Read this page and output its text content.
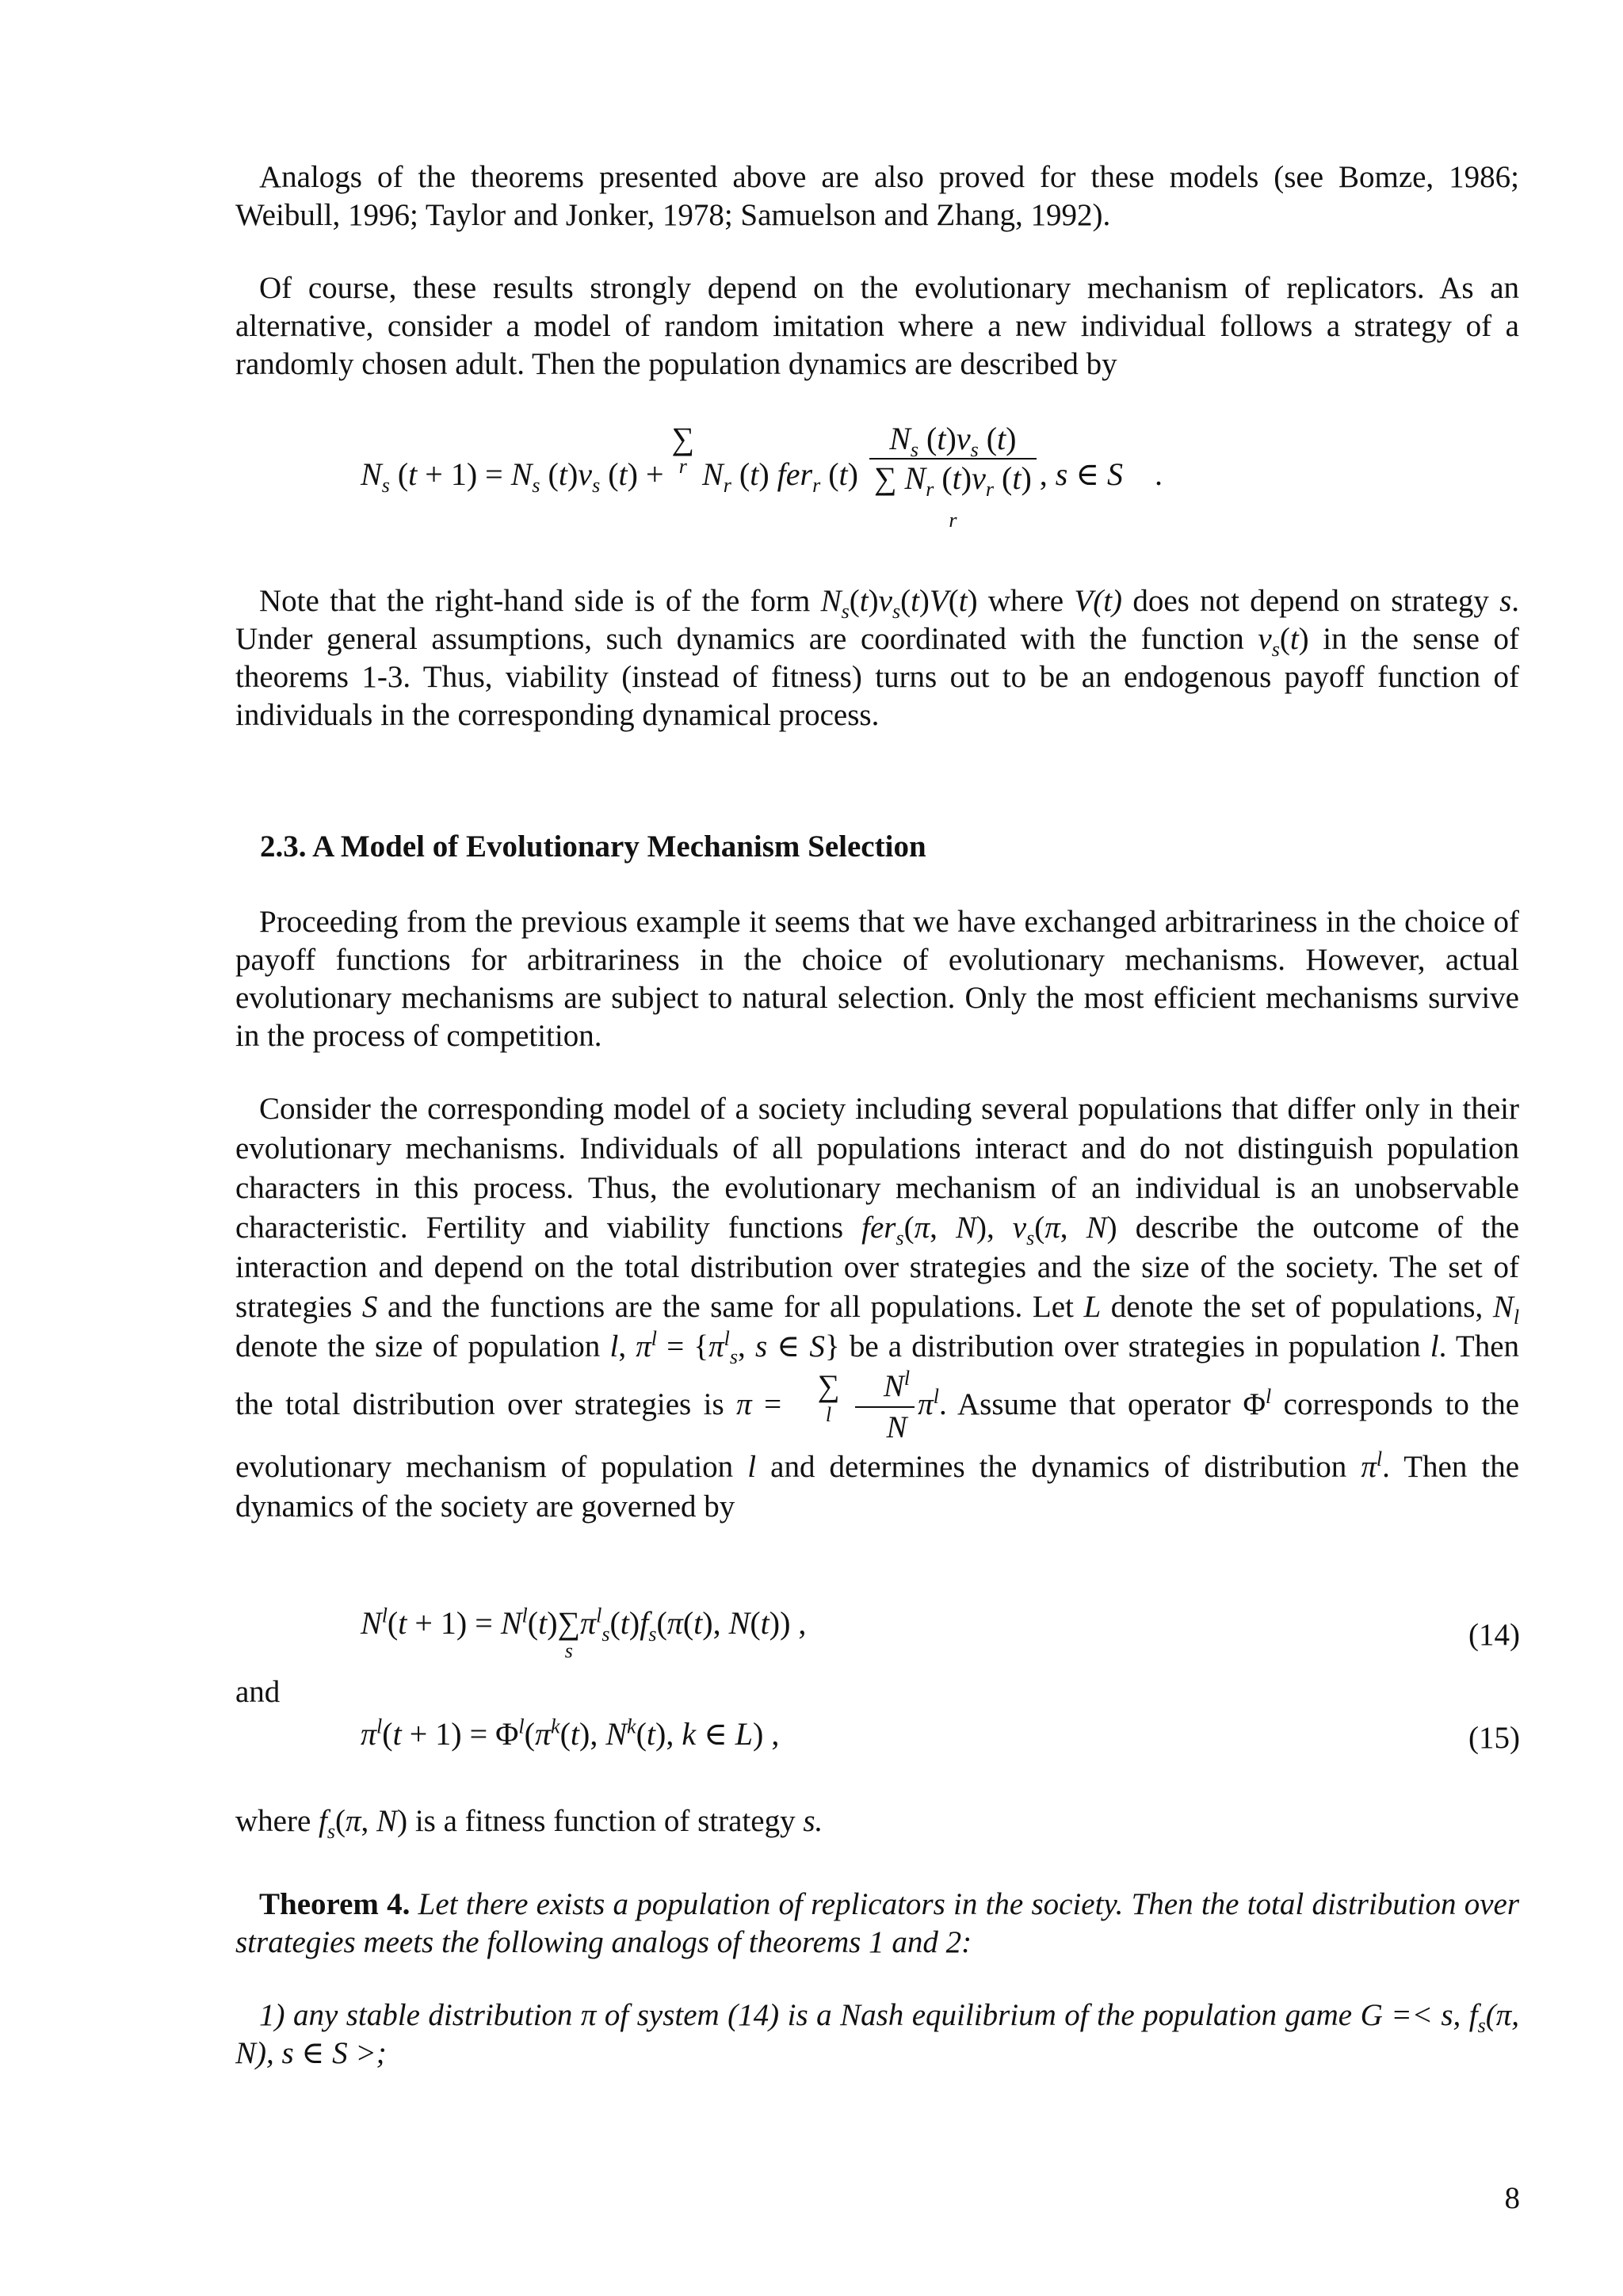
Analogs of the theorems presented above are also proved for these models (see Bomze, 1986; Weibull, 1996; Taylor and Jonker, 1978; Samuelson and Zhang, 1992).
Of course, these results strongly depend on the evolutionary mechanism of replicators. As an alternative, consider a model of random imitation where a new individual follows a strategy of a randomly chosen adult. Then the population dynamics are described by
$N_s$ $(t + 1) = N_s$ $(t)v_s$ (t) +
∑
r $N_r$ (t) fer$_r$ (t)
$N_s$ $(t)v_s$ (t)
∑ $N_r$ $(t)v_r$ (t)
r
, s ∈ S    .
Note that the right-hand side is of the form $N_s(t)v_s(t)V(t)$ where V(t) does not depend on strategy s. Under general assumptions, such dynamics are coordinated with the function $v_s(t)$ in the sense of theorems 1-3. Thus, viability (instead of fitness) turns out to be an endogenous payoff function of individuals in the corresponding dynamical process.
2.3. A Model of Evolutionary Mechanism Selection
Proceeding from the previous example it seems that we have exchanged arbitrariness in the choice of payoff functions for arbitrariness in the choice of evolutionary mechanisms. However, actual evolutionary mechanisms are subject to natural selection. Only the most efficient mechanisms survive in the process of competition.
Consider the corresponding model of a society including several populations that differ only in their evolutionary mechanisms. Individuals of all populations interact and do not distinguish population characters in this process. Thus, the evolutionary mechanism of an individual is an unobservable characteristic. Fertility and viability functions fer$_s$(π, N), $v_s(\pi$, N) describe the outcome of the interaction and depend on the total distribution over strategies and the size of the society. The set of strategies S and the functions are the same for all populations. Let L denote the set of populations, $N_l$ denote the size of population l, $\pi^l = \{\pi^l_s$, s ∈ S} be a distribution over strategies in population l. Then the total distribution over strategies is π =
∑
l
$\frac{N^l}{N} \pi^l$. Assume that operator $\Phi^l$ corresponds to the evolutionary mechanism of population l and determines the dynamics of distribution $\pi^l$. Then the dynamics of the society are governed by
$N^l(t + 1) = N^l(t)$ ∑
s
$\pi^l_s(t)f_s(\pi(t)$, N(t)) ,	(14)
and
$\pi^l(t + 1) = \Phi^l(\pi^k(t)$, $N^k(t)$, k ∈ L) ,	(15)
where $f_s(\pi$, N) is a fitness function of strategy s.
Theorem 4. Let there exists a population of replicators in the society. Then the total distribution over strategies meets the following analogs of theorems 1 and 2:
1) any stable distribution π of system (14) is a Nash equilibrium of the population game G =< s, $f_s(\pi$, N), s ∈ S >;
8
